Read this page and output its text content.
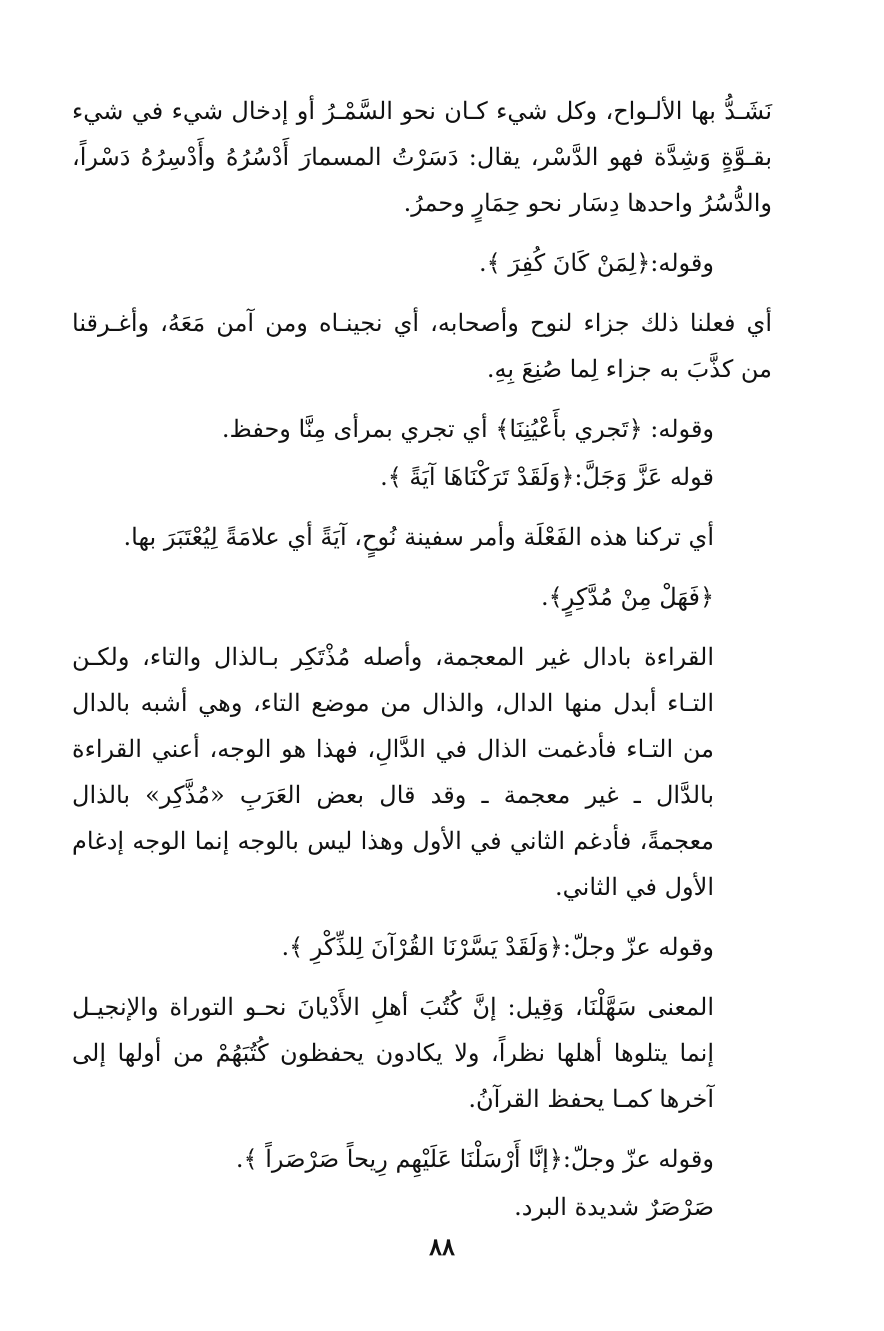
نَشَـدُّ بها الألـواح، وكل شيء كـان نحو السَّمْـرُ أو إدخال شيء في شيء بقـوَّةٍ وَشِدَّة فهو الدَّسْر، يقال: دَسَرْتُ المسمارَ أَدْسُرُهُ وأَدْسِرُهُ دَسْراً، والدُّسُرُ واحدها دِسَار نحو حِمَارٍ وحمرُ.

وقوله:﴿لِمَنْ كَانَ كُفِرَ ﴾.

أي فعلنا ذلك جزاء لنوح وأصحابه، أي نجينـاه ومن آمن مَعَهُ، وأغـرقنا من كذَّبَ به جزاء لِما صُنِعَ بِهِ.

وقوله: ﴿تَجري بأَعْيُنِنَا﴾ أي تجري بمرأى مِنَّا وحفظ.

قوله عَزَّ وَجَلَّ:﴿وَلَقَدْ تَرَكْنَاهَا آيَةً ﴾.

أي تركنا هذه الفَعْلَة وأمر سفينة نُوحٍ، آيَةً أي علامَةً لِيُعْتَبَرَ بها.

﴿فَهَلْ مِنْ مُدَّكِرٍ﴾.

القراءة بادال غير المعجمة، وأصله مُذْتَكِر بـالذال والتاء، ولكـن التـاء أبدل منها الدال، والذال من موضع التاء، وهي أشبه بالدال من التـاء فأدغمت الذال في الدَّالِ، فهذا هو الوجه، أعني القراءة بالدَّال ـ غير معجمة ـ وقد قال بعض العَرَبِ «مُذَّكِر» بالذال معجمةً، فأدغم الثاني في الأول وهذا ليس بالوجه إنما الوجه إدغام الأول في الثاني.

وقوله عزّ وجلّ:﴿وَلَقَدْ يَسَّرْنَا القُرْآنَ لِلذِّكْرِ ﴾.

المعنى سَهَّلْنَا، وَقِيل: إنَّ كُتُبَ أهلِ الأَدْيانَ نحـو التوراة والإنجيـل إنما يتلوها أهلها نظراً، ولا يكادون يحفظون كُتُبَهُمْ من أولها إلى آخرها كمـا يحفظ القرآنُ.

وقوله عزّ وجلّ:﴿إنَّا أَرْسَلْنَا عَلَيْهِم رِيحاً صَرْصَراً ﴾.

صَرْصَرٌ شديدة البرد.

٨٨
